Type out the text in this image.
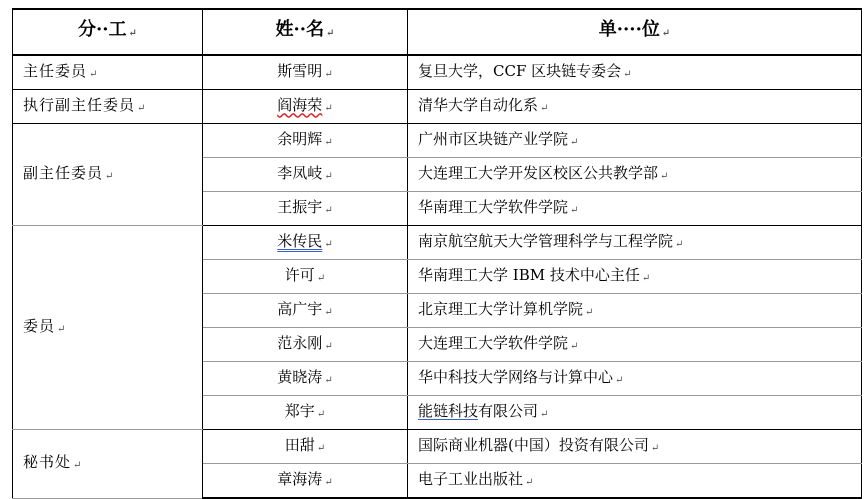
分··工 ↵	姓··名 ↵	单····位 ↵
主任委员 ↵	斯雪明 ↵	复旦大学，CCF 区块链专委会 ↵
执行副主任委员 ↵	阎海荣 ↵	清华大学自动化系 ↵
副主任委员 ↵	余明辉 ↵	广州市区块链产业学院 ↵
	李凤岐 ↵	大连理工大学开发区校区公共教学部 ↵
	王振宇 ↵	华南理工大学软件学院 ↵
委员 ↵	米传民 ↵	南京航空航天大学管理科学与工程学院 ↵
	许可 ↵	华南理工大学 IBM 技术中心主任 ↵
	高广宇 ↵	北京理工大学计算机学院 ↵
	范永刚 ↵	大连理工大学软件学院 ↵
	黄晓涛 ↵	华中科技大学网络与计算中心 ↵
	郑宇 ↵	能链科技有限公司 ↵
秘书处 ↵	田甜 ↵	国际商业机器(中国）投资有限公司 ↵
	章海涛 ↵	电子工业出版社 ↵
